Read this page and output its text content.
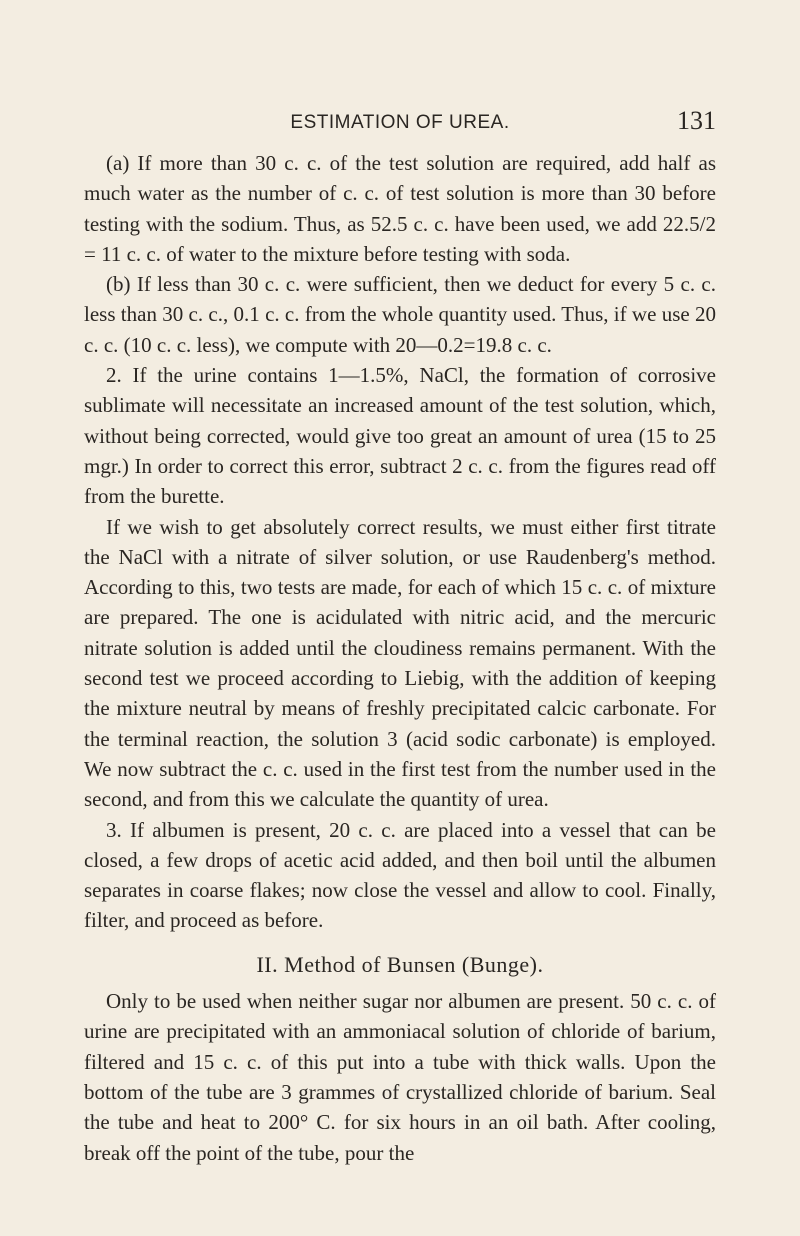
ESTIMATION OF UREA.	131

(a) If more than 30 c. c. of the test solution are required, add half as much water as the number of c. c. of test solution is more than 30 before testing with the sodium. Thus, as 52.5 c. c. have been used, we add 22.5/2 = 11 c. c. of water to the mixture before testing with soda.

(b) If less than 30 c. c. were sufficient, then we deduct for every 5 c. c. less than 30 c. c., 0.1 c. c. from the whole quantity used. Thus, if we use 20 c. c. (10 c. c. less), we compute with 20—0.2=19.8 c. c.

2. If the urine contains 1—1.5%, NaCl, the formation of corrosive sublimate will necessitate an increased amount of the test solution, which, without being corrected, would give too great an amount of urea (15 to 25 mgr.) In order to correct this error, subtract 2 c. c. from the figures read off from the burette.

If we wish to get absolutely correct results, we must either first titrate the NaCl with a nitrate of silver solution, or use Raudenberg's method. According to this, two tests are made, for each of which 15 c. c. of mixture are prepared. The one is acidulated with nitric acid, and the mercuric nitrate solution is added until the cloudiness remains permanent. With the second test we proceed according to Liebig, with the addition of keeping the mixture neutral by means of freshly precipitated calcic carbonate. For the terminal reaction, the solution 3 (acid sodic carbonate) is employed. We now subtract the c. c. used in the first test from the number used in the second, and from this we calculate the quantity of urea.

3. If albumen is present, 20 c. c. are placed into a vessel that can be closed, a few drops of acetic acid added, and then boil until the albumen separates in coarse flakes; now close the vessel and allow to cool. Finally, filter, and proceed as before.

II. Method of Bunsen (Bunge).

Only to be used when neither sugar nor albumen are present. 50 c. c. of urine are precipitated with an ammoniacal solution of chloride of barium, filtered and 15 c. c. of this put into a tube with thick walls. Upon the bottom of the tube are 3 grammes of crystallized chloride of barium. Seal the tube and heat to 200° C. for six hours in an oil bath. After cooling, break off the point of the tube, pour the
